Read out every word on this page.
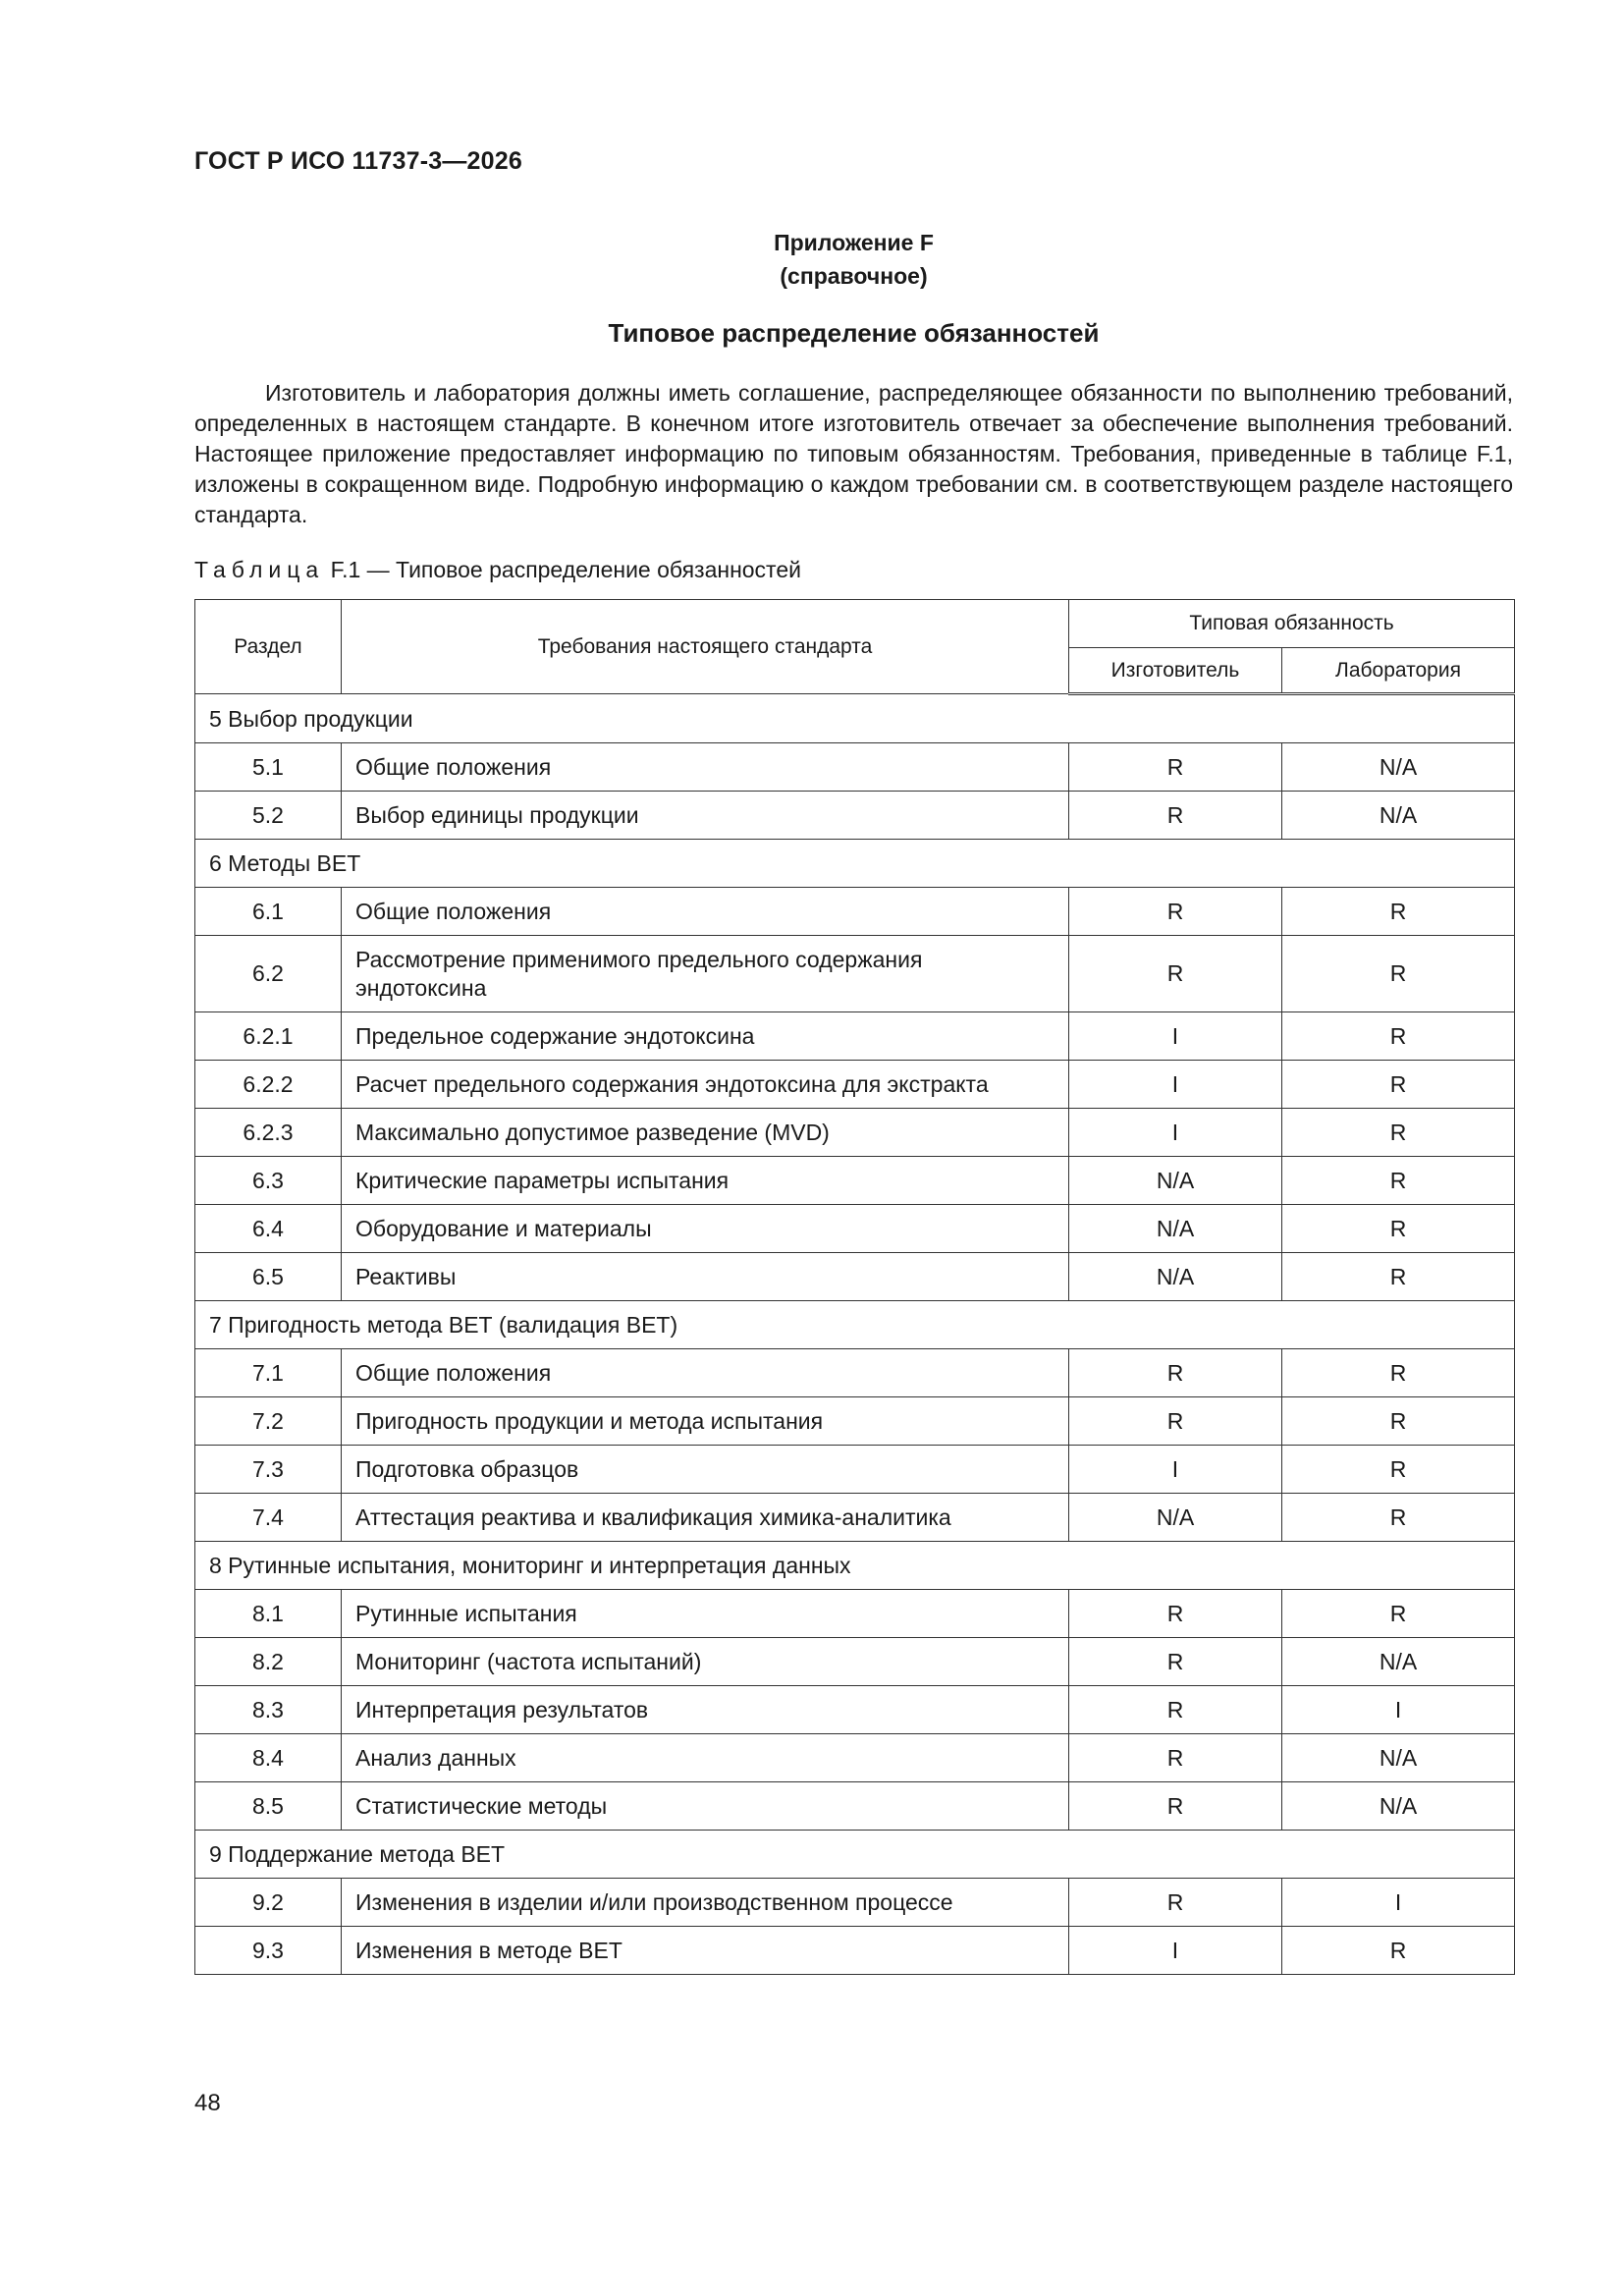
ГОСТ Р ИСО 11737-3—2026
Приложение F
(справочное)
Типовое распределение обязанностей

Изготовитель и лаборатория должны иметь соглашение, распределяющее обязанности по выполнению требований, определенных в настоящем стандарте. В конечном итоге изготовитель отвечает за обеспечение выполнения требований. Настоящее приложение предоставляет информацию по типовым обязанностям. Требования, приведенные в таблице F.1, изложены в сокращенном виде. Подробную информацию о каждом требовании см. в соответствующем разделе настоящего стандарта.

Таблица F.1 — Типовое распределение обязанностей
Раздел	Требования настоящего стандарта	Типовая обязанность	
		Изготовитель	Лаборатория
5 Выбор продукции			
5.1	Общие положения	R	N/A
5.2	Выбор единицы продукции	R	N/A
6 Методы ВЕТ			
6.1	Общие положения	R	R
6.2	Рассмотрение применимого предельного содержания эндотоксина	R	R
6.2.1	Предельное содержание эндотоксина	I	R
6.2.2	Расчет предельного содержания эндотоксина для экстракта	I	R
6.2.3	Максимально допустимое разведение (MVD)	I	R
6.3	Критические параметры испытания	N/A	R
6.4	Оборудование и материалы	N/A	R
6.5	Реактивы	N/A	R
7 Пригодность метода ВЕТ (валидация ВЕТ)			
7.1	Общие положения	R	R
7.2	Пригодность продукции и метода испытания	R	R
7.3	Подготовка образцов	I	R
7.4	Аттестация реактива и квалификация химика-аналитика	N/A	R
8 Рутинные испытания, мониторинг и интерпретация данных			
8.1	Рутинные испытания	R	R
8.2	Мониторинг (частота испытаний)	R	N/A
8.3	Интерпретация результатов	R	I
8.4	Анализ данных	R	N/A
8.5	Статистические методы	R	N/A
9 Поддержание метода ВЕТ			
9.2	Изменения в изделии и/или производственном процессе	R	I
9.3	Изменения в методе ВЕТ	I	R
48
